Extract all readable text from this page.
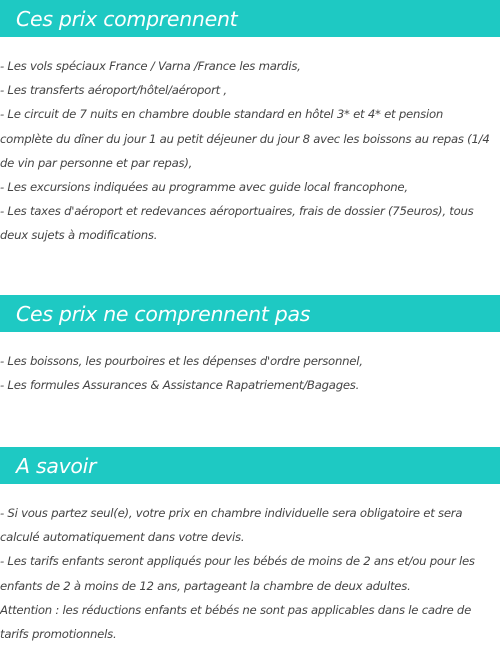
Ces prix comprennent
- Les vols spéciaux France / Varna /France les mardis,
- Les transferts aéroport/hôtel/aéroport ,
- Le circuit de 7 nuits en chambre double standard en hôtel 3* et 4* et pension complète du dîner du jour 1 au petit déjeuner du jour 8 avec les boissons au repas (1/4 de vin par personne et par repas),
- Les excursions indiquées au programme avec guide local francophone,
- Les taxes d'aéroport et redevances aéroportuaires, frais de dossier (75euros), tous deux sujets à modifications.
Ces prix ne comprennent pas
- Les boissons, les pourboires et les dépenses d'ordre personnel,
- Les formules Assurances & Assistance Rapatriement/Bagages.
A savoir
- Si vous partez seul(e), votre prix en chambre individuelle sera obligatoire et sera calculé automatiquement dans votre devis.
- Les tarifs enfants seront appliqués pour les bébés de moins de 2 ans et/ou pour les enfants de 2 à moins de 12 ans, partageant la chambre de deux adultes.
Attention : les réductions enfants et bébés ne sont pas applicables dans le cadre de tarifs promotionnels.
